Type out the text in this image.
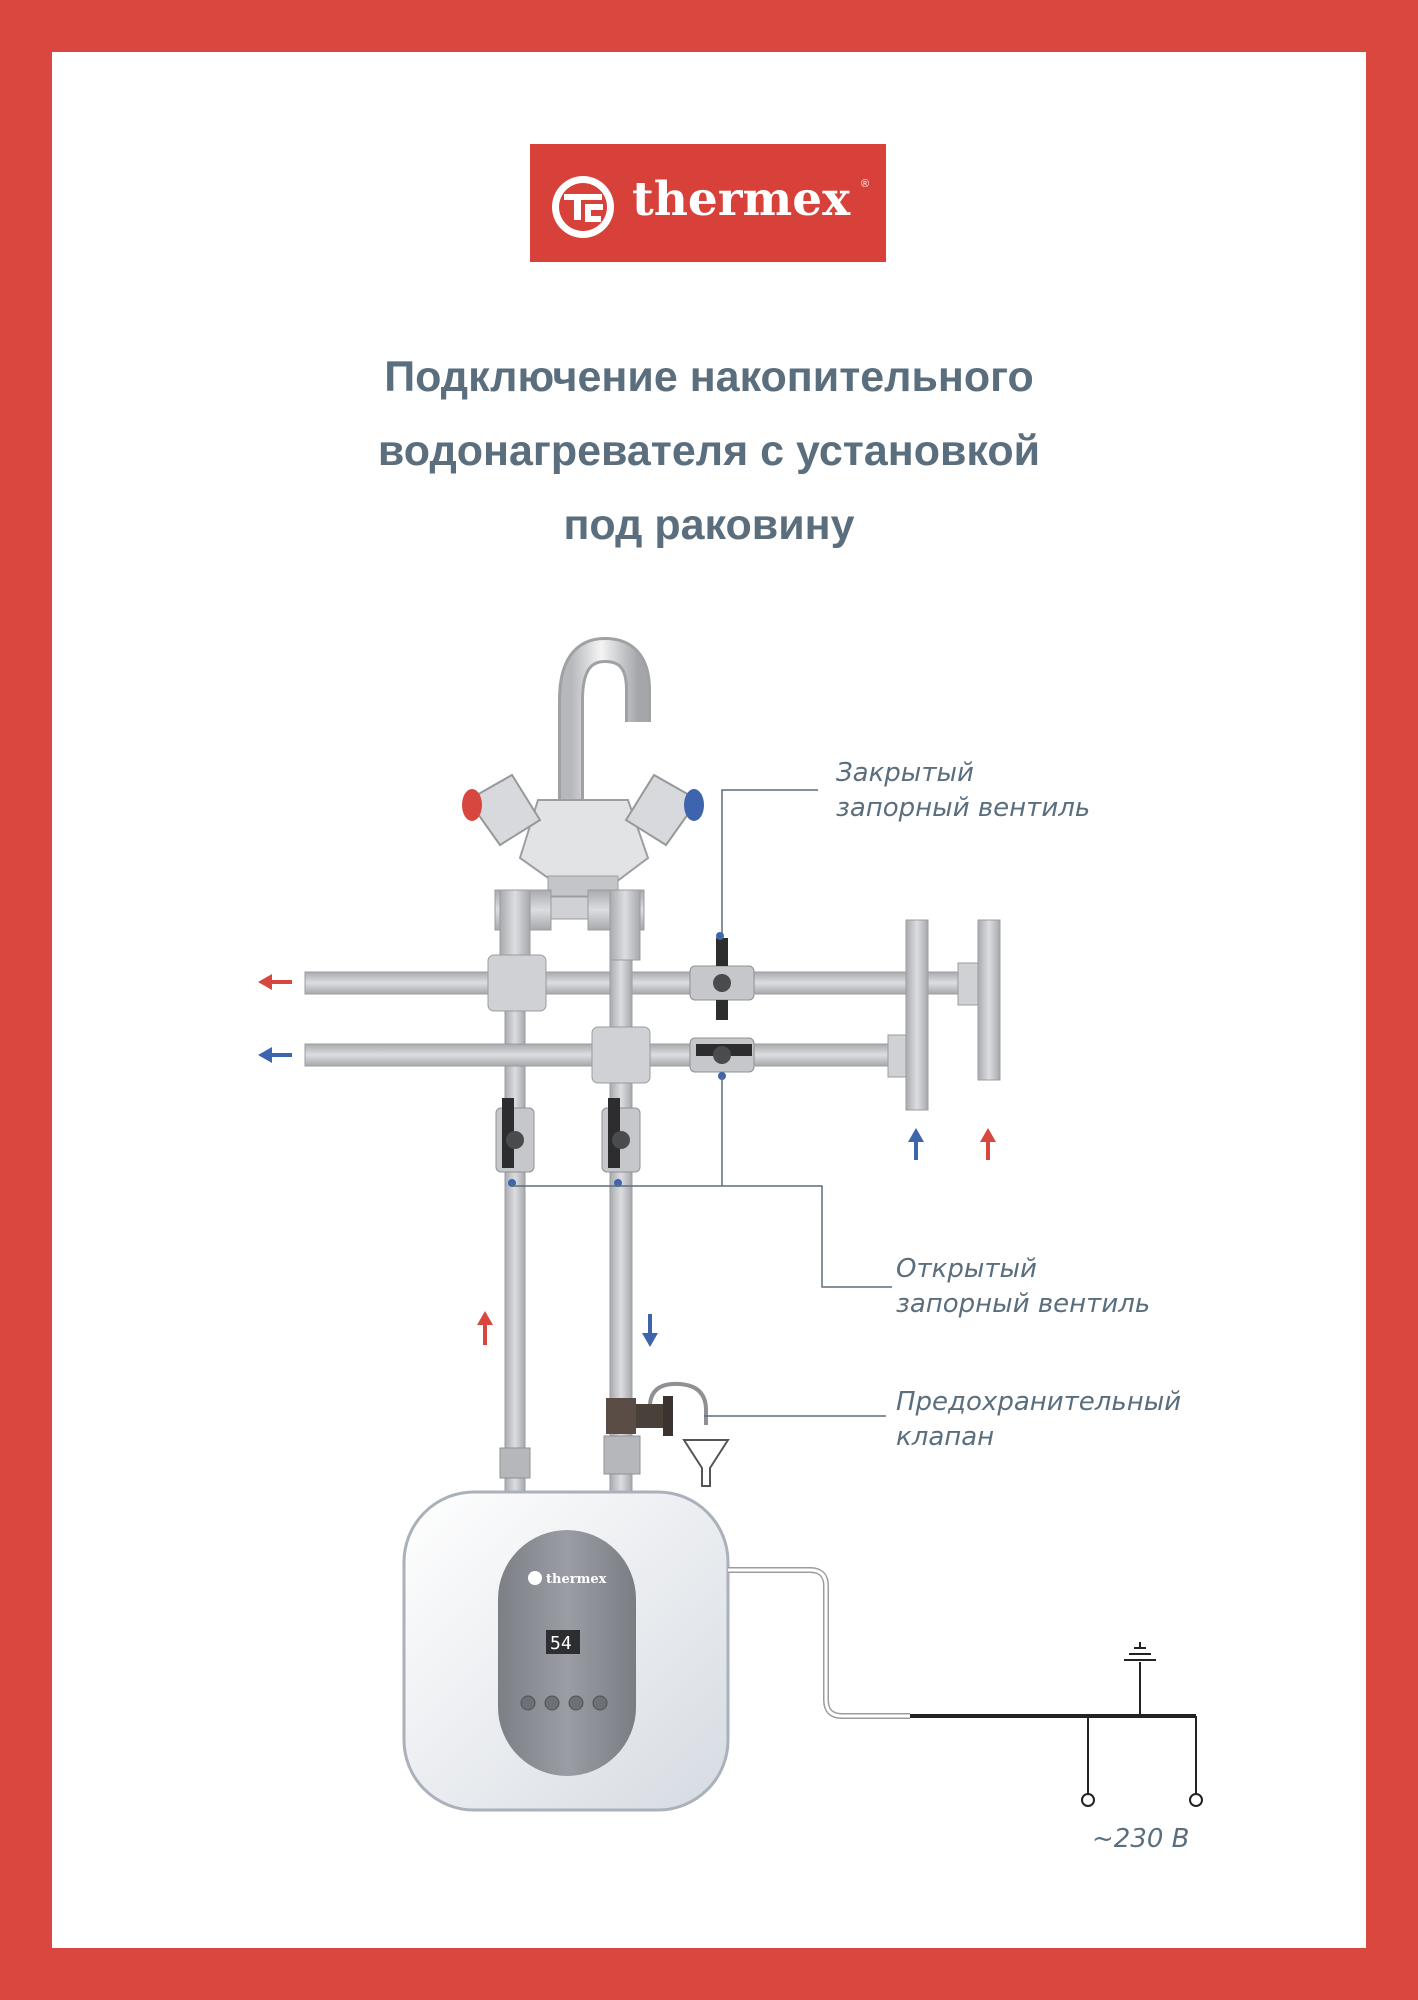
thermex ®
Подключение накопительного
водонагревателя с установкой
под раковину
thermex
54
Закрытый
запорный вентиль
Открытый
запорный вентиль
Предохранительный
клапан
~230 В
